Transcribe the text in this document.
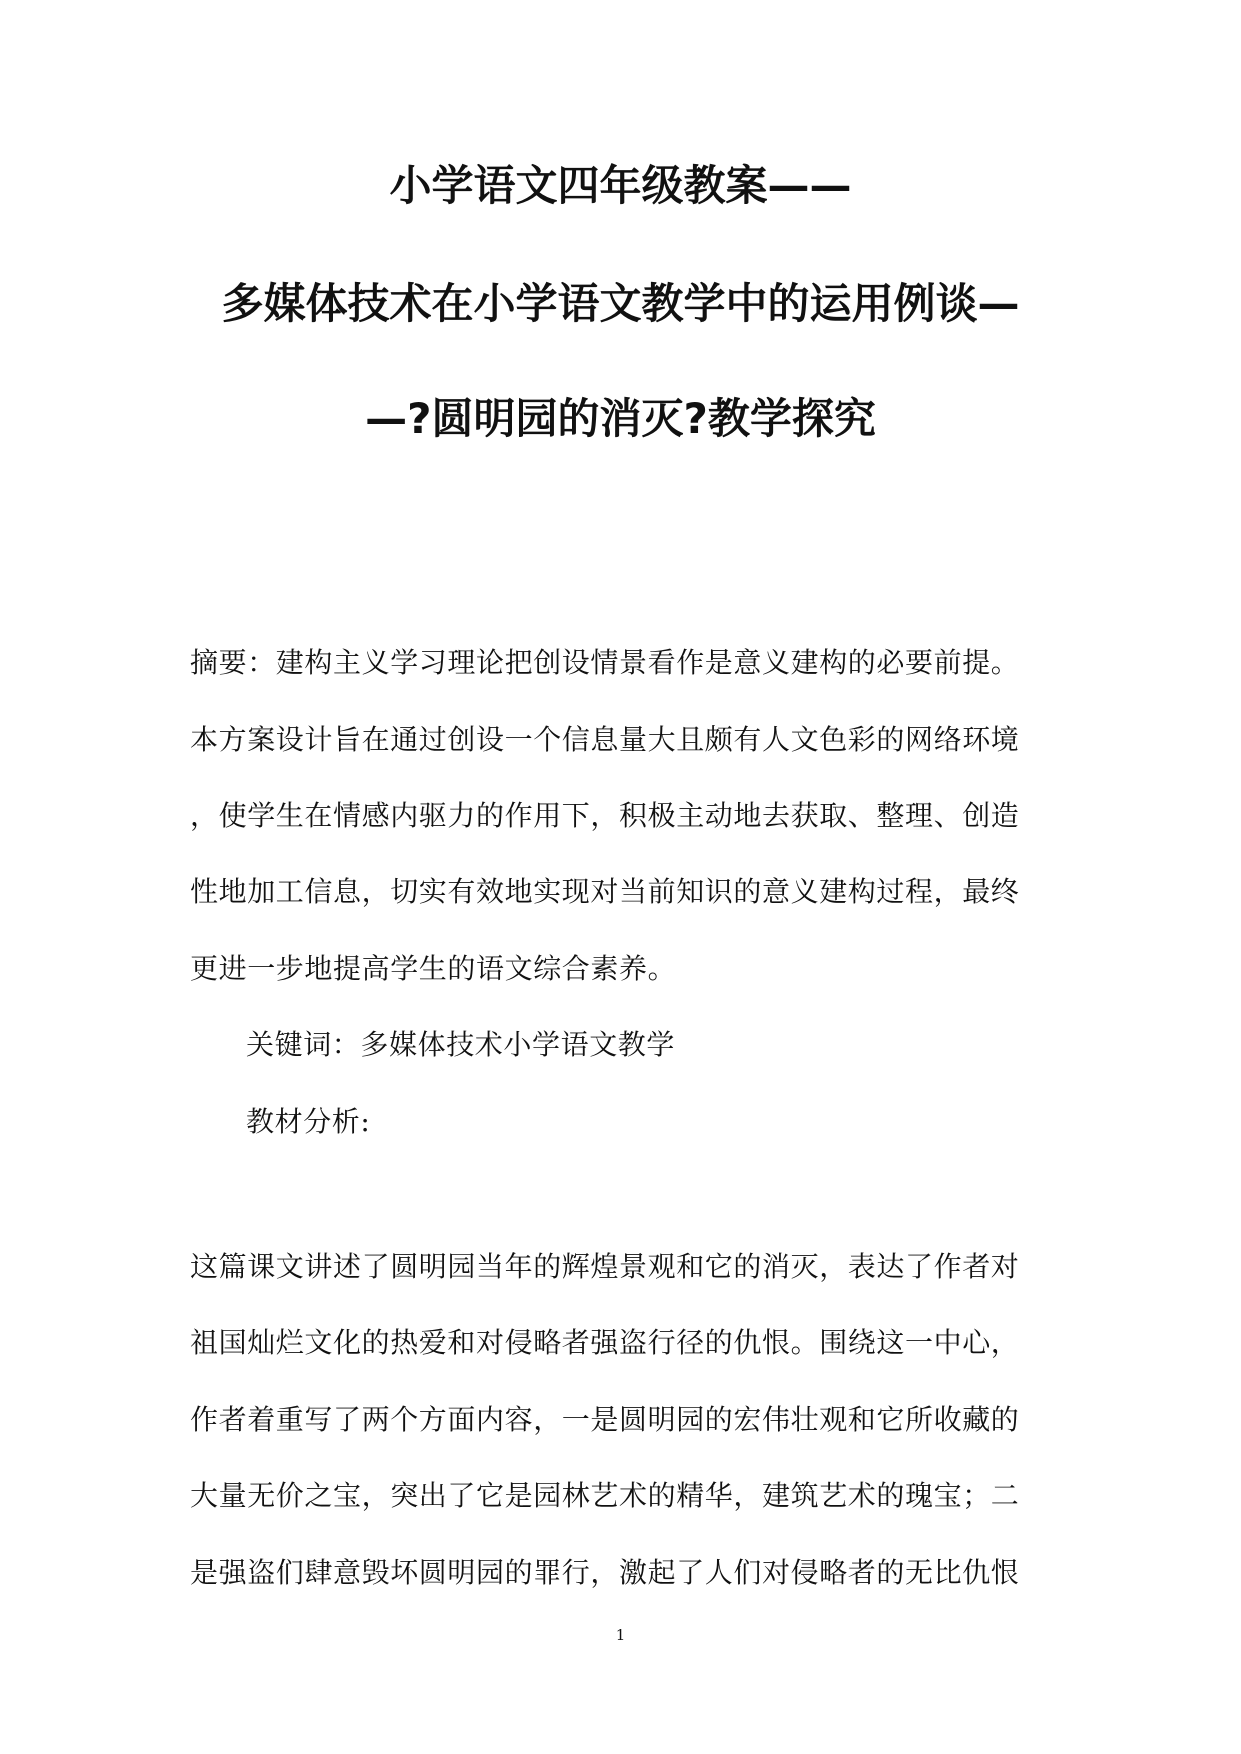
小学语文四年级教案——

多媒体技术在小学语文教学中的运用例谈—

—?圆明园的消灭?教学探究

摘要：建构主义学习理论把创设情景看作是意义建构的必要前提。

本方案设计旨在通过创设一个信息量大且颇有人文色彩的网络环境

，使学生在情感内驱力的作用下，积极主动地去获取、整理、创造

性地加工信息，切实有效地实现对当前知识的意义建构过程，最终

更进一步地提高学生的语文综合素养。

关键词：多媒体技术小学语文教学

教材分析:

这篇课文讲述了圆明园当年的辉煌景观和它的消灭，表达了作者对

祖国灿烂文化的热爱和对侵略者强盗行径的仇恨。围绕这一中心，

作者着重写了两个方面内容，一是圆明园的宏伟壮观和它所收藏的

大量无价之宝，突出了它是园林艺术的精华，建筑艺术的瑰宝；二

是强盗们肆意毁坏圆明园的罪行，激起了人们对侵略者的无比仇恨

1
